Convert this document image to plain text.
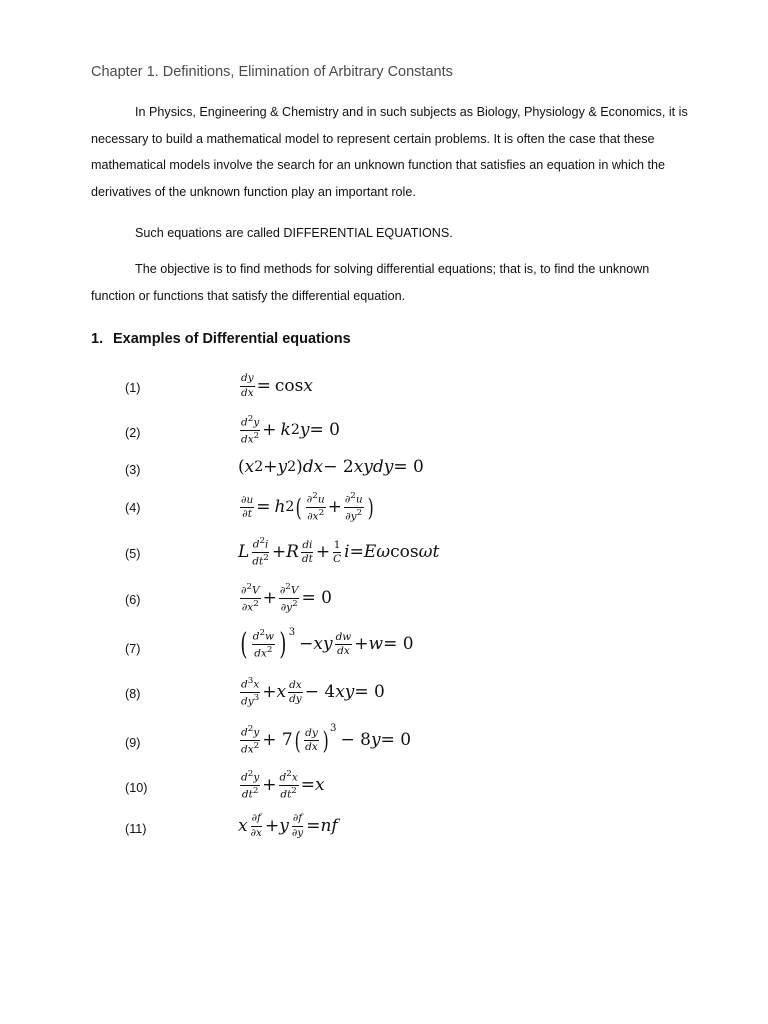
Chapter 1. Definitions, Elimination of Arbitrary Constants

In Physics, Engineering & Chemistry and in such subjects as Biology, Physiology & Economics, it is necessary to build a mathematical model to represent certain problems. It is often the case that these mathematical models involve the search for an unknown function that satisfies an equation in which the derivatives of the unknown function play an important role.

Such equations are called DIFFERENTIAL EQUATIONS.

The objective is to find methods for solving differential equations; that is, to find the unknown function or functions that satisfy the differential equation.

1. Examples of Differential equations
(1)
(2)
(3)
(4)
(5)
(6)
(7)
(8)
(9)
(10)
(11)
dy
dx =
cos x
$d^2y$
$dx^2 + k$ 2 y = 0
( x 2 + y 2 ) dx − 2 xydy = 0
∂u
∂t = h 2 ( ∂$^2$u
$\partial x^2 + \partial^2u$
$\partial y^2$ )
L $d^2i$
$dt^2 + R$ di
dt + 1
C i = Eω cos ωt
∂$^2$V
$\partial x^2 + \partial^2V$
$\partial y^2 = 0$
( $d^2w$
$dx^2$ )$^3$
− xy dw
dx + w = 0
$d^3x$
$dy^3 + x$ dx
dy − 4 xy = 0
$d^2y$
$dx^2 + 7$ ( dy
dx )$^3$
− 8 y = 0
$d^2y$
$dt^2 + d^2x$
$dt^2 = x$
x ∂f
∂x + y ∂f
∂y = nf
